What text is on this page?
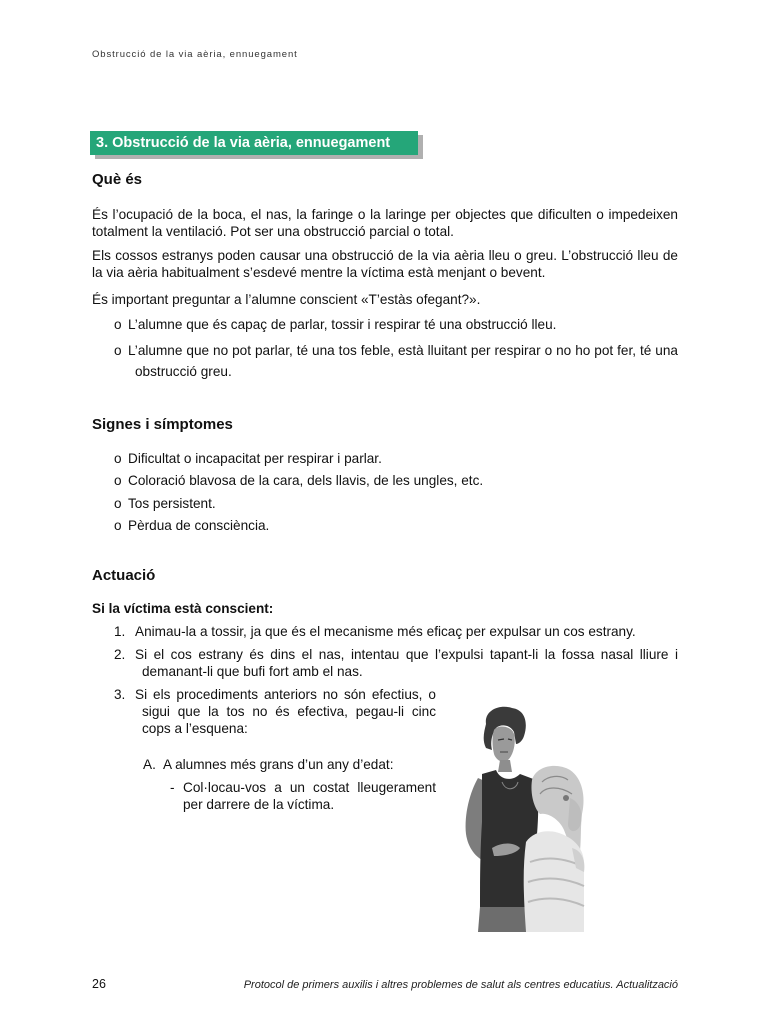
Obstrucció de la via aèria, ennuegament
3. Obstrucció de la via aèria, ennuegament
Què és
És l’ocupació de la boca, el nas, la faringe o la laringe per objectes que dificulten o impedeixen totalment la ventilació. Pot ser una obstrucció parcial o total.
Els cossos estranys poden causar una obstrucció de la via aèria lleu o greu. L’obstrucció lleu de la via aèria habitualment s’esdevé mentre la víctima està menjant o bevent.
És important preguntar a l’alumne conscient «T’estàs ofegant?».
o L’alumne que és capaç de parlar, tossir i respirar té una obstrucció lleu.
o L’alumne que no pot parlar, té una tos feble, està lluitant per respirar o no ho pot fer, té una obstrucció greu.
Signes i símptomes
o Dificultat o incapacitat per respirar i parlar.
o Coloració blavosa de la cara, dels llavis, de les ungles, etc.
o Tos persistent.
o Pèrdua de consciència.
Actuació
Si la víctima està conscient:
1. Animau-la a tossir, ja que és el mecanisme més eficaç per expulsar un cos estrany.
2. Si el cos estrany és dins el nas, intentau que l’expulsi tapant-li la fossa nasal lliure i demanant-li que bufi fort amb el nas.
3. Si els procediments anteriors no són efectius, o sigui que la tos no és efectiva, pegau-li cinc cops a l’esquena:
A. A alumnes més grans d’un any d’edat:
- Col·locau-vos a un costat lleugerament per darrere de la víctima.
26	Protocol de primers auxilis i altres problemes de salut als centres educatius. Actualització
